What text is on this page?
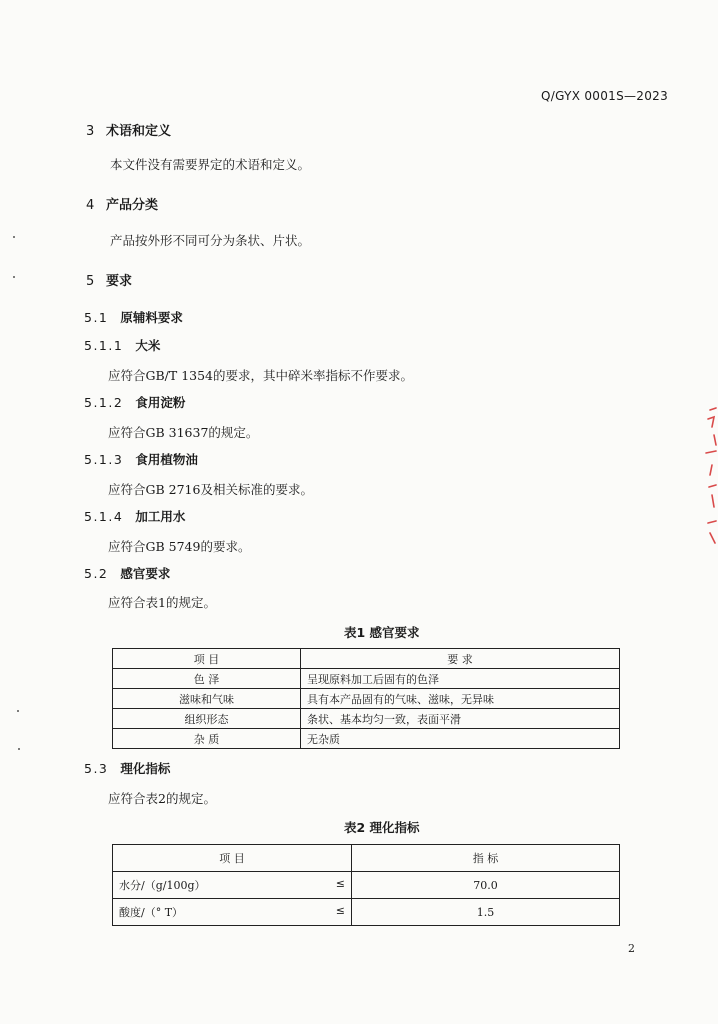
Q/GYX 0001S—2023
3 术语和定义
本文件没有需要界定的术语和定义。
4 产品分类
产品按外形不同可分为条状、片状。
5 要求
5.1 原辅料要求
5.1.1 大米
应符合GB/T 1354的要求，其中碎米率指标不作要求。
5.1.2 食用淀粉
应符合GB 31637的规定。
5.1.3 食用植物油
应符合GB 2716及相关标准的要求。
5.1.4 加工用水
应符合GB 5749的要求。
5.2 感官要求
应符合表1的规定。
表1 感官要求
项 目	要 求
色 泽	呈现原料加工后固有的色泽
滋味和气味	具有本产品固有的气味、滋味，无异味
组织形态	条状、基本均匀一致，表面平滑
杂 质	无杂质
5.3 理化指标
应符合表2的规定。
表2 理化指标
项 目	指 标
水分/（g/100g） ≤	70.0
酸度/（° T） ≤	1.5
2
